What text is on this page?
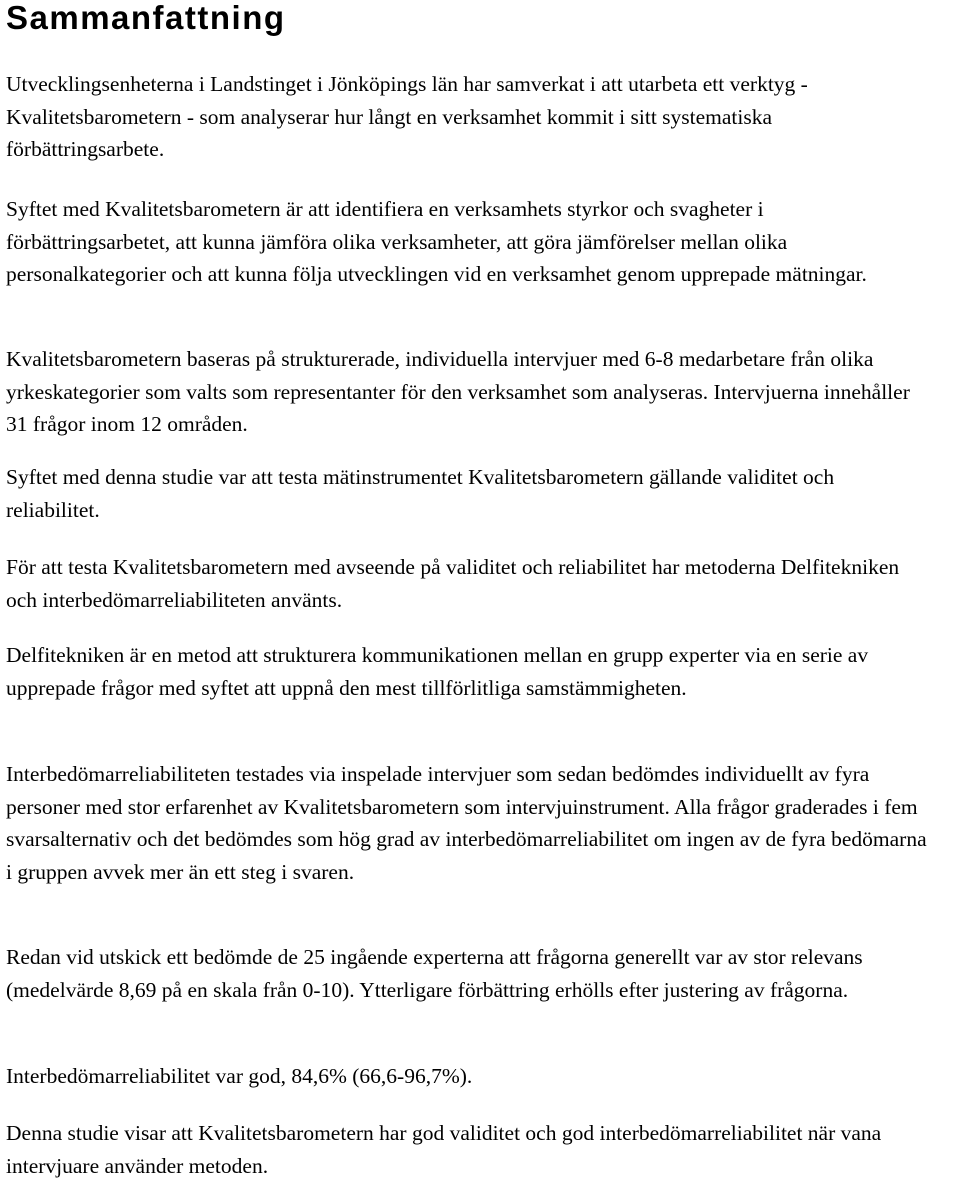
Sammanfattning

Utvecklingsenheterna i Landstinget i Jönköpings län har samverkat i att utarbeta ett verktyg - Kvalitetsbarometern - som analyserar hur långt en verksamhet kommit i sitt systematiska förbättringsarbete.

Syftet med Kvalitetsbarometern är att identifiera en verksamhets styrkor och svagheter i förbättringsarbetet, att kunna jämföra olika verksamheter, att göra jämförelser mellan olika personalkategorier och att kunna följa utvecklingen vid en verksamhet genom upprepade mätningar.

Kvalitetsbarometern baseras på strukturerade, individuella intervjuer med 6-8 medarbetare från olika yrkeskategorier som valts som representanter för den verksamhet som analyseras. Intervjuerna innehåller 31 frågor inom 12 områden.

Syftet med denna studie var att testa mätinstrumentet Kvalitetsbarometern gällande validitet och reliabilitet.

För att testa Kvalitetsbarometern med avseende på validitet och reliabilitet har metoderna Delfitekniken och interbedömarreliabiliteten använts.

Delfitekniken är en metod att strukturera kommunikationen mellan en grupp experter via en serie av upprepade frågor med syftet att uppnå den mest tillförlitliga samstämmigheten.

Interbedömarreliabiliteten testades via inspelade intervjuer som sedan bedömdes individuellt av fyra personer med stor erfarenhet av Kvalitetsbarometern som intervjuinstrument. Alla frågor graderades i fem svarsalternativ och det bedömdes som hög grad av interbedömarreliabilitet om ingen av de fyra bedömarna i gruppen avvek mer än ett steg i svaren.

Redan vid utskick ett bedömde de 25 ingående experterna att frågorna generellt var av stor relevans (medelvärde 8,69 på en skala från 0-10). Ytterligare förbättring erhölls efter justering av frågorna.

Interbedömarreliabilitet var god, 84,6% (66,6-96,7%).

Denna studie visar att Kvalitetsbarometern har god validitet och god interbedömarreliabilitet när vana intervjuare använder metoden.
